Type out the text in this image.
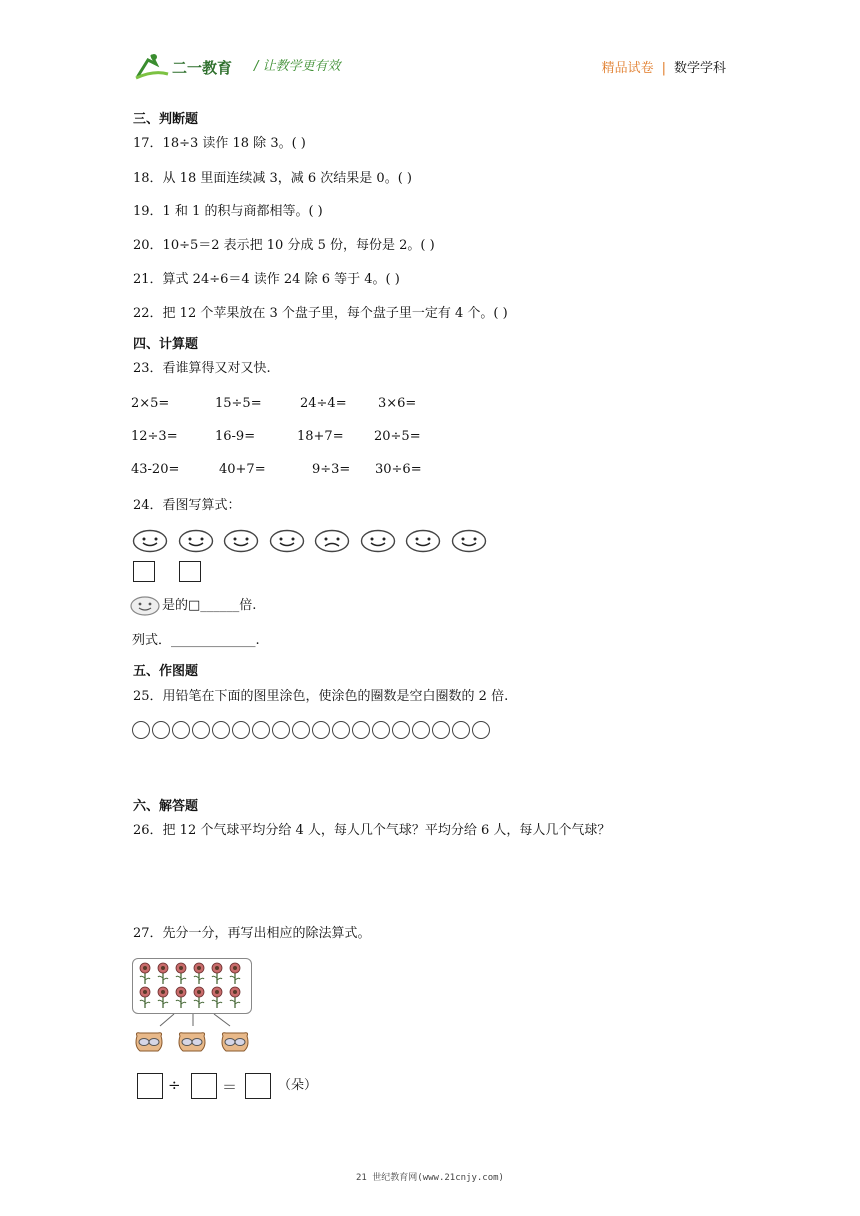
二一教育 / 让教学更有效	精品试卷 | 数学学科
三、判断题
17．18÷3 读作 18 除 3。( )
18．从 18 里面连续减 3，减 6 次结果是 0。( )
19．1 和 1 的积与商都相等。( )
20．10÷5＝2 表示把 10 分成 5 份，每份是 2。( )
21．算式 24÷6＝4 读作 24 除 6 等于 4。( )
22．把 12 个苹果放在 3 个盘子里，每个盘子里一定有 4 个。( )
四、计算题
23．看谁算得又对又快.
2×5=	15÷5=	24÷4= 3×6=
12÷3=	16-9=	18+7= 20÷5=
43-20=	40+7=	9÷3= 30÷6=
24．看图写算式：
是的□______倍.
列式．_____________.
五、作图题
25．用铅笔在下面的图里涂色，使涂色的圈数是空白圈数的 2 倍.
六、解答题
26．把 12 个气球平均分给 4 人，每人几个气球？平均分给 6 人，每人几个气球？
27．先分一分，再写出相应的除法算式。
÷	＝	（朵）
21 世纪教育网(www.21cnjy.com)
